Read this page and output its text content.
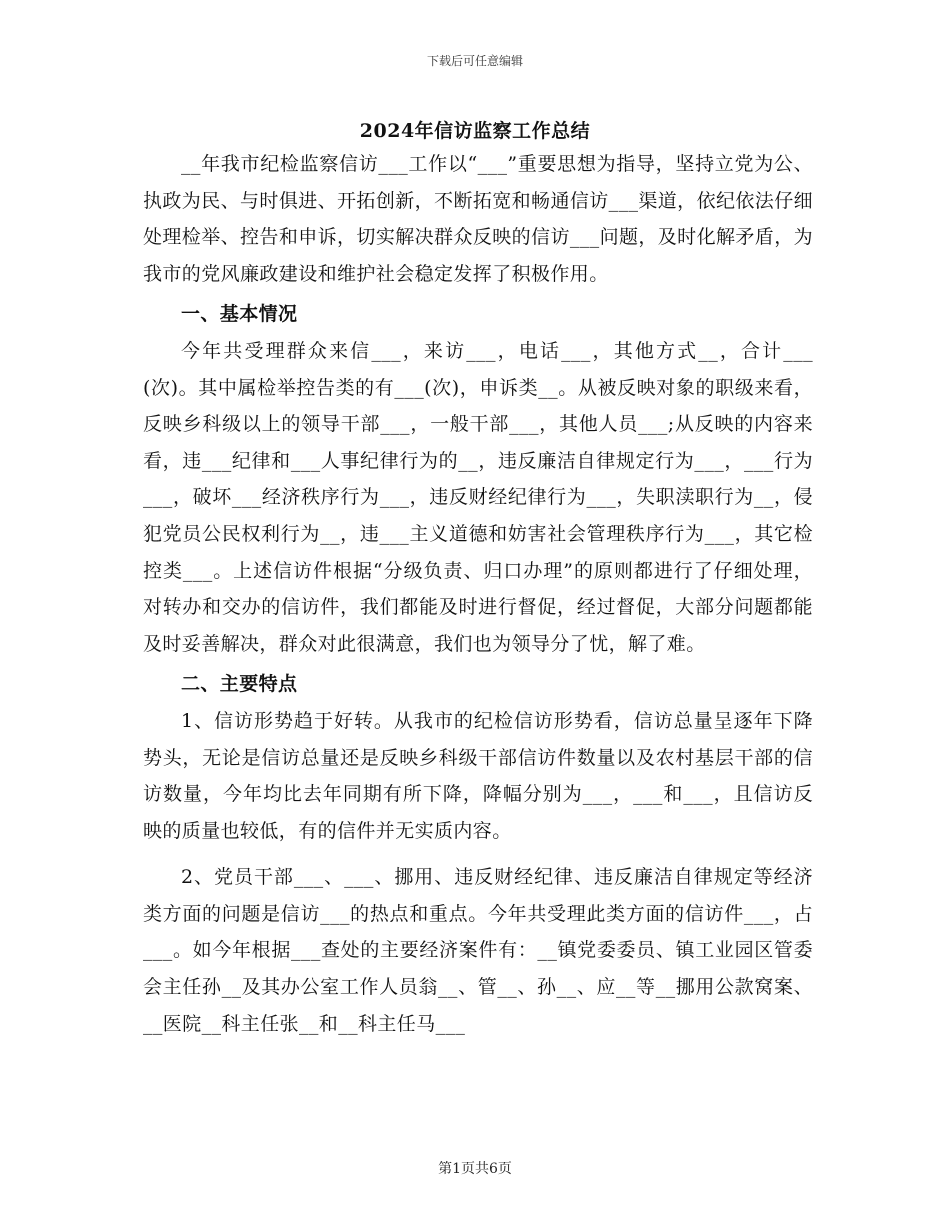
下载后可任意编辑
2024年信访监察工作总结

__年我市纪检监察信访___工作以“___”重要思想为指导，坚持立党为公、执政为民、与时俱进、开拓创新，不断拓宽和畅通信访___渠道，依纪依法仔细处理检举、控告和申诉，切实解决群众反映的信访___问题，及时化解矛盾，为我市的党风廉政建设和维护社会稳定发挥了积极作用。

一、基本情况

今年共受理群众来信___，来访___，电话___，其他方式__，合计___(次)。其中属检举控告类的有___(次)，申诉类__。从被反映对象的职级来看，反映乡科级以上的领导干部___，一般干部___，其他人员___;从反映的内容来看，违___纪律和___人事纪律行为的__，违反廉洁自律规定行为___，___行为___，破坏___经济秩序行为___，违反财经纪律行为___，失职渎职行为__，侵犯党员公民权利行为__，违___主义道德和妨害社会管理秩序行为___，其它检控类___。上述信访件根据“分级负责、归口办理”的原则都进行了仔细处理，对转办和交办的信访件，我们都能及时进行督促，经过督促，大部分问题都能及时妥善解决，群众对此很满意，我们也为领导分了忧，解了难。

二、主要特点

1、信访形势趋于好转。从我市的纪检信访形势看，信访总量呈逐年下降势头，无论是信访总量还是反映乡科级干部信访件数量以及农村基层干部的信访数量，今年均比去年同期有所下降，降幅分别为___，___和___，且信访反映的质量也较低，有的信件并无实质内容。

2、党员干部___、___、挪用、违反财经纪律、违反廉洁自律规定等经济类方面的问题是信访___的热点和重点。今年共受理此类方面的信访件___，占___。如今年根据___查处的主要经济案件有：__镇党委委员、镇工业园区管委会主任孙__及其办公室工作人员翁__、管__、孙__、应__等__挪用公款窝案、__医院__科主任张__和__科主任马___

第1页共6页
